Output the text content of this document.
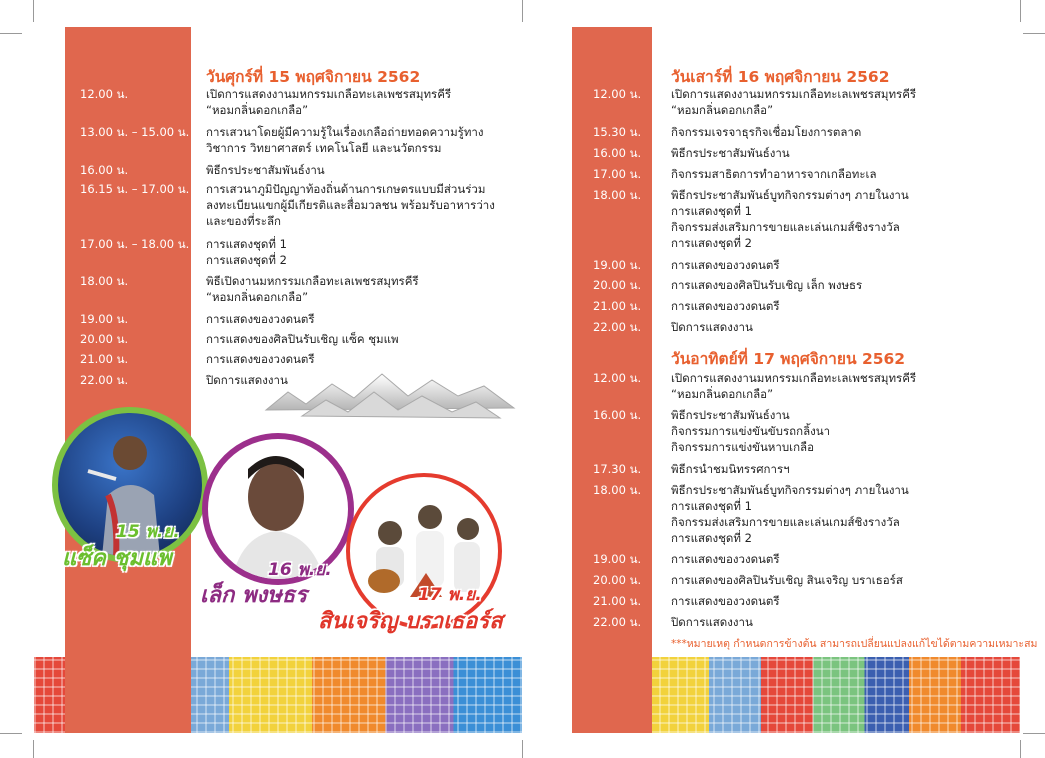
วันศุกร์ที่ 15 พฤศจิกายน 2562	วันเสาร์ที่ 16 พฤศจิกายน 2562
วันอาทิตย์ที่ 17 พฤศจิกายน 2562
12.00 น.	เปิดการแสดงงานมหกรรมเกลือทะเลเพชรสมุทรคีรี
“หอมกลิ่นดอกเกลือ”
13.00 น. – 15.00 น. การเสวนาโดยผู้มีความรู้ในเรื่องเกลือถ่ายทอดความรู้ทาง
วิชาการ วิทยาศาสตร์ เทคโนโลยี และนวัตกรรม
16.00 น.	พิธีกรประชาสัมพันธ์งาน
16.15 น. – 17.00 น. การเสวนาภูมิปัญญาท้องถิ่นด้านการเกษตรแบบมีส่วนร่วม
ลงทะเบียนแขกผู้มีเกียรติและสื่อมวลชน พร้อมรับอาหารว่าง
และของที่ระลึก
17.00 น. – 18.00 น. การแสดงชุดที่ 1
การแสดงชุดที่ 2
18.00 น.	พิธีเปิดงานมหกรรมเกลือทะเลเพชรสมุทรคีรี
“หอมกลิ่นดอกเกลือ”
19.00 น.	การแสดงของวงดนตรี
20.00 น.	การแสดงของศิลปินรับเชิญ แซ็ค ชุมแพ
21.00 น.	การแสดงของวงดนตรี
22.00 น.	ปิดการแสดงงาน
12.00 น.	เปิดการแสดงงานมหกรรมเกลือทะเลเพชรสมุทรคีรี
“หอมกลิ่นดอกเกลือ”
15.30 น.	กิจกรรมเจรจาธุรกิจเชื่อมโยงการตลาด
16.00 น.	พิธีกรประชาสัมพันธ์งาน
17.00 น.	กิจกรรมสาธิตการทำอาหารจากเกลือทะเล
18.00 น.	พิธีกรประชาสัมพันธ์บูทกิจกรรมต่างๆ ภายในงาน
การแสดงชุดที่ 1
กิจกรรมส่งเสริมการขายและเล่นเกมส์ชิงรางวัล
การแสดงชุดที่ 2
19.00 น.	การแสดงของวงดนตรี
20.00 น.	การแสดงของศิลปินรับเชิญ เล็ก พงษธร
21.00 น.	การแสดงของวงดนตรี
22.00 น.	ปิดการแสดงงาน
12.00 น.	เปิดการแสดงงานมหกรรมเกลือทะเลเพชรสมุทรคีรี
“หอมกลิ่นดอกเกลือ”
16.00 น.	พิธีกรประชาสัมพันธ์งาน
กิจกรรมการแข่งขันขับรถกลิ้งนา
กิจกรรมการแข่งขันหาบเกลือ
17.30 น.	พิธีกรนำชมนิทรรศการฯ
18.00 น.	พิธีกรประชาสัมพันธ์บูทกิจกรรมต่างๆ ภายในงาน
การแสดงชุดที่ 1
กิจกรรมส่งเสริมการขายและเล่นเกมส์ชิงรางวัล
การแสดงชุดที่ 2
19.00 น.	การแสดงของวงดนตรี
20.00 น.	การแสดงของศิลปินรับเชิญ สินเจริญ บราเธอร์ส
21.00 น.	การแสดงของวงดนตรี
22.00 น.	ปิดการแสดงงาน
***หมายเหตุ กำหนดการข้างต้น สามารถเปลี่ยนแปลงแก้ไขได้ตามความเหมาะสม
15 พ.ย.
แซ็ค ชุมแพ	16 พ.ย.
เล็ก พงษธร	17 พ.ย.
สินเจริญ บราเธอร์ส
